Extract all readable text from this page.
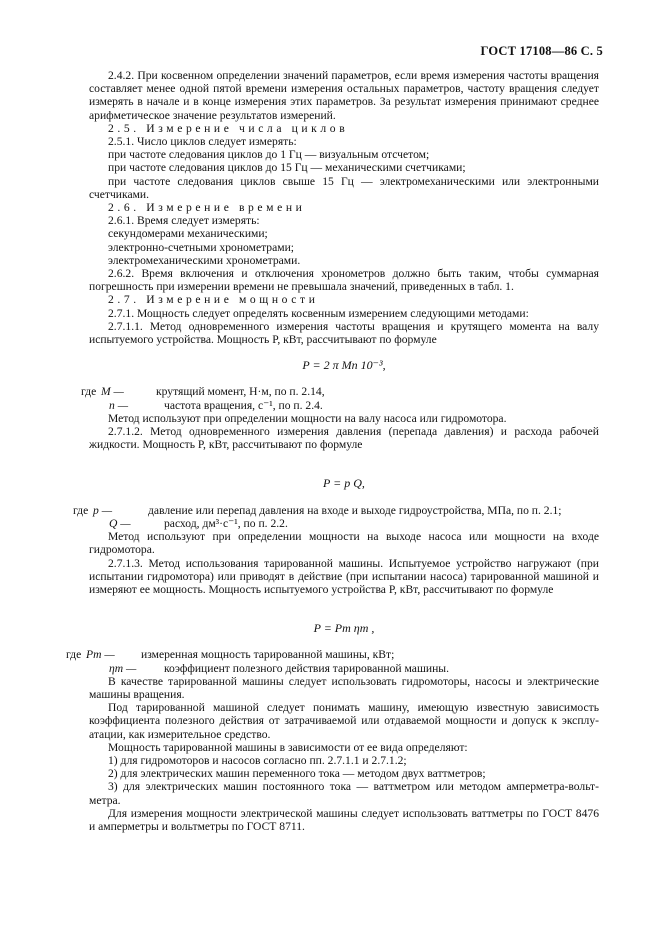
ГОСТ 17108—86 С. 5

2.4.2. При косвенном определении значений параметров, если время измерения частоты вращения составляет менее одной пятой времени измерения остальных параметров, частоту вращения следует измерять в начале и в конце измерения этих параметров. За результат измерения принимают среднее арифметическое значение результатов измерений.

2.5. Измерение числа циклов

2.5.1. Число циклов следует измерять:

при частоте следования циклов до 1 Гц — визуальным отсчетом;

при частоте следования циклов до 15 Гц — механическими счетчиками;

при частоте следования циклов свыше 15 Гц — электромеханическими или электронными счетчиками.

2.6. Измерение времени

2.6.1. Время следует измерять:

секундомерами механическими;

электронно-счетными хронометрами;

электромеханическими хронометрами.

2.6.2. Время включения и отключения хронометров должно быть таким, чтобы суммарная погрешность при измерении времени не превышала значений, приведенных в табл. 1.

2.7. Измерение мощности

2.7.1. Мощность следует определять косвенным измерением следующими методами:

2.7.1.1. Метод одновременного измерения частоты вращения и крутящего момента на валу испытуемого устройства. Мощность P, кВт, рассчитывают по формуле

P = 2 π Mn 10⁻³,

где M —	крутящий момент, Н·м, по п. 2.14,
n —	частота вращения, с⁻¹, по п. 2.4.

Метод используют при определении мощности на валу насоса или гидромотора.

2.7.1.2. Метод одновременного измерения давления (перепада давления) и расхода рабочей жидкости. Мощность P, кВт, рассчитывают по формуле

P = p Q,

где p —	давление или перепад давления на входе и выходе гидроустройства, МПа, по п. 2.1;
Q —	расход, дм³·с⁻¹, по п. 2.2.

Метод используют при определении мощности на выходе насоса или мощности на входе гидромотора.

2.7.1.3. Метод использования тарированной машины. Испытуемое устройство нагружают (при испытании гидромотора) или приводят в действие (при испытании насоса) тарированной машиной и измеряют ее мощность. Мощность испытуемого устройства P, кВт, рассчитывают по формуле

P = Pт ηт ,

где Pт —	измеренная мощность тарированной машины, кВт;
ηт —	коэффициент полезного действия тарированной машины.

В качестве тарированной машины следует использовать гидромоторы, насосы и электрические машины вращения.

Под тарированной машиной следует понимать машину, имеющую известную зависимость коэффициента полезного действия от затрачиваемой или отдаваемой мощности и допуск к эксплуатации, как измерительное средство.

Мощность тарированной машины в зависимости от ее вида определяют:

1) для гидромоторов и насосов согласно пп. 2.7.1.1 и 2.7.1.2;

2) для электрических машин переменного тока — методом двух ваттметров;

3) для электрических машин постоянного тока — ваттметром или методом амперметра-вольтметра.

Для измерения мощности электрической машины следует использовать ваттметры по ГОСТ 8476 и амперметры и вольтметры по ГОСТ 8711.
